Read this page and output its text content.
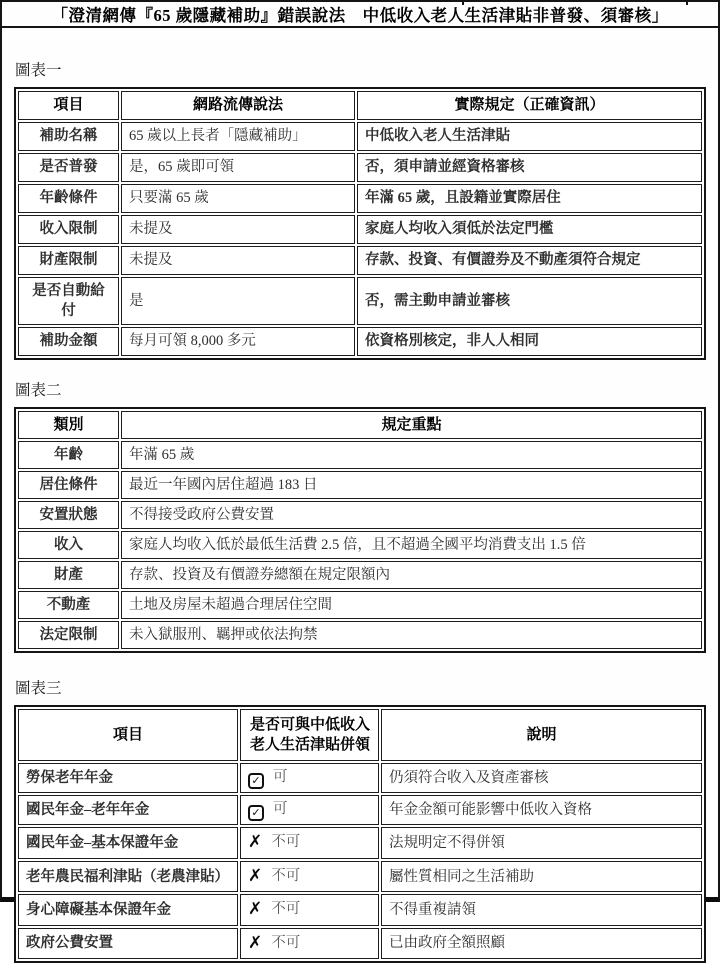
「澄清網傳『65 歲隱藏補助』錯誤說法　中低收入老人生活津貼非普發、須審核」
圖表一
項目	網路流傳說法	實際規定（正確資訊）
補助名稱	65 歲以上長者「隱藏補助」	中低收入老人生活津貼
是否普發	是，65 歲即可領	否，須申請並經資格審核
年齡條件	只要滿 65 歲	年滿 65 歲，且設籍並實際居住
收入限制	未提及	家庭人均收入須低於法定門檻
財產限制	未提及	存款、投資、有價證券及不動產須符合規定
是否自動給付	是	否，需主動申請並審核
補助金額	每月可領 8,000 多元	依資格別核定，非人人相同
圖表二
類別	規定重點
年齡	年滿 65 歲
居住條件	最近一年國內居住超過 183 日
安置狀態	不得接受政府公費安置
收入	家庭人均收入低於最低生活費 2.5 倍，且不超過全國平均消費支出 1.5 倍
財產	存款、投資及有價證券總額在規定限額內
不動產	土地及房屋未超過合理居住空間
法定限制	未入獄服刑、羈押或依法拘禁
圖表三
項目	是否可與中低收入老人生活津貼併領	說明
勞保老年年金	✓ 可	仍須符合收入及資產審核
國民年金–老年年金	✓ 可	年金金額可能影響中低收入資格
國民年金–基本保證年金	✗ 不可	法規明定不得併領
老年農民福利津貼（老農津貼）	✗ 不可	屬性質相同之生活補助
身心障礙基本保證年金	✗ 不可	不得重複請領
政府公費安置	✗ 不可	已由政府全額照顧
